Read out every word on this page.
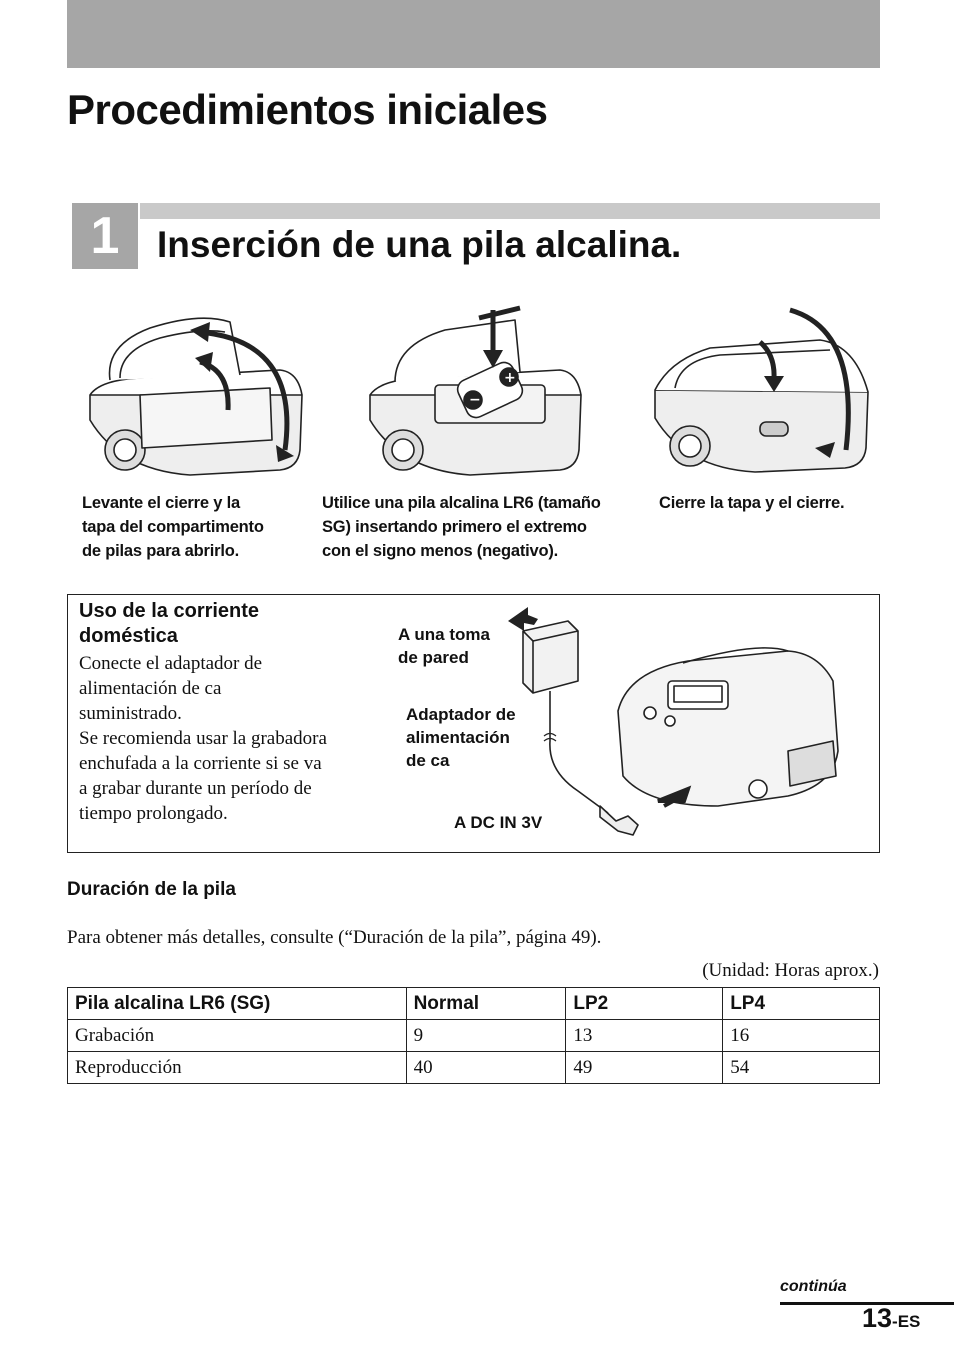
Procedimientos iniciales
1	Inserción de una pila alcalina.
−
+
Levante el cierre y la
tapa del compartimento
de pilas para abrirlo.
Utilice una pila alcalina LR6 (tamaño
SG) insertando primero el extremo
con el signo menos (negativo).
Cierre la tapa y el cierre.
Uso de la corriente doméstica
Conecte el adaptador de
alimentación de ca
suministrado.
Se recomienda usar la grabadora
enchufada a la corriente si se va
a grabar durante un período de
tiempo prolongado.
A una toma
de pared
Adaptador de
alimentación
de ca
A DC IN 3V
Duración de la pila

Para obtener más detalles, consulte (“Duración de la pila”, página 49).

(Unidad: Horas aprox.)

Pila alcalina LR6 (SG)	Normal	LP2	LP4
Grabación	9	13	16
Reproducción	40	49	54
continúa
13-ES
